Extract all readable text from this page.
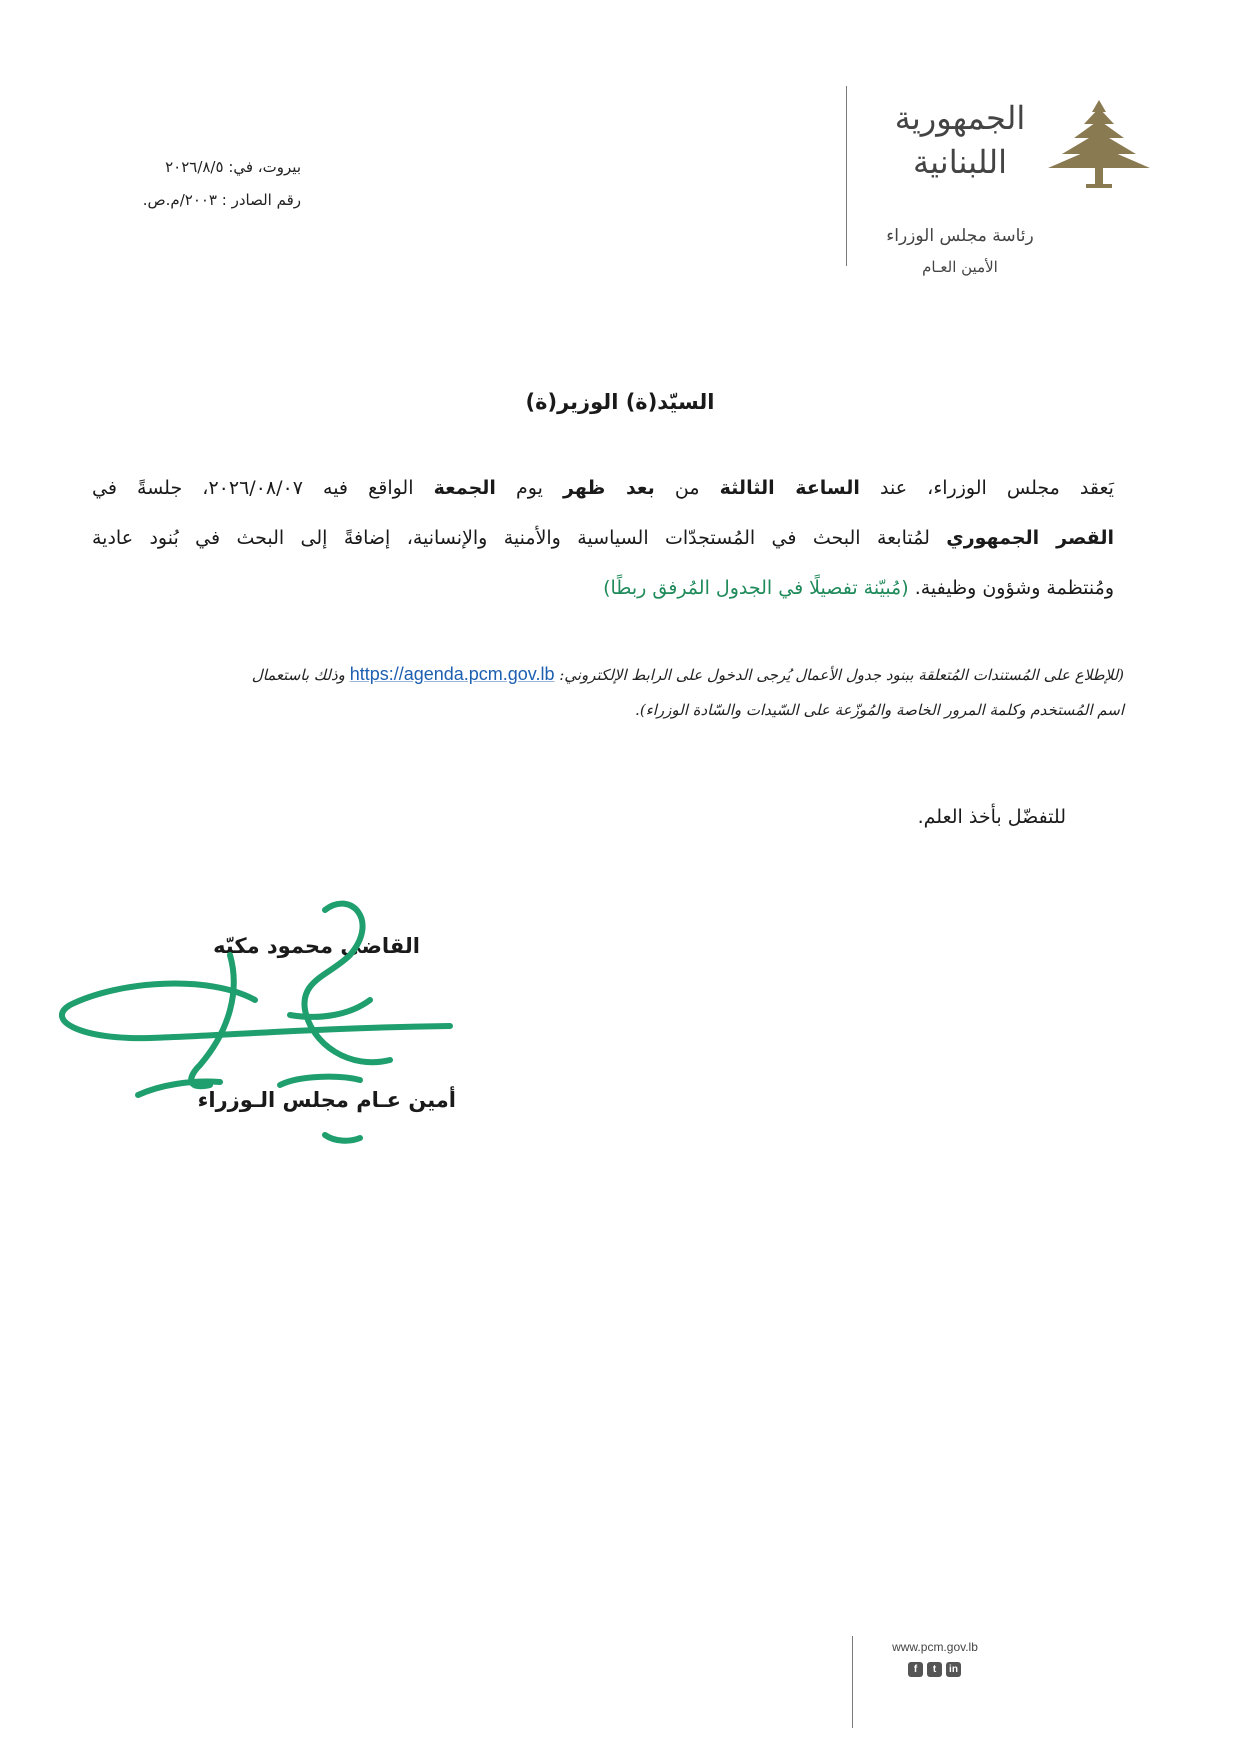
الجمهورية
اللبنانية
رئاسة مجلس الوزراء
الأمين العـام
بيروت، في: ٢٠٢٦/٨/٥
رقم الصادر : ٢٠٠٣/م.ص.
السيّد(ة) الوزير(ة)
يَعقد مجلس الوزراء، عند الساعة الثالثة من بعد ظهر يوم الجمعة الواقع فيه ٢٠٢٦/٠٨/٠٧، جلسةً في
القصر الجمهوري لمُتابعة البحث في المُستجدّات السياسية والأمنية والإنسانية، إضافةً إلى البحث في بُنود عادية
ومُنتظمة وشؤون وظيفية. (مُبيّنة تفصيلًا في الجدول المُرفق ربطًا)
(للإطلاع على المُستندات المُتعلقة ببنود جدول الأعمال يُرجى الدخول على الرابط الإلكتروني: https://agenda.pcm.gov.lb وذلك باستعمال
اسم المُستخدم وكلمة المرور الخاصة والمُوزّعة على السّيدات والسّادة الوزراء).
للتفضّل بأخذ العلم.
القاضي محمود مكيّه
أمين عـام مجلس الـوزراء
www.pcm.gov.lb
f	t	in
